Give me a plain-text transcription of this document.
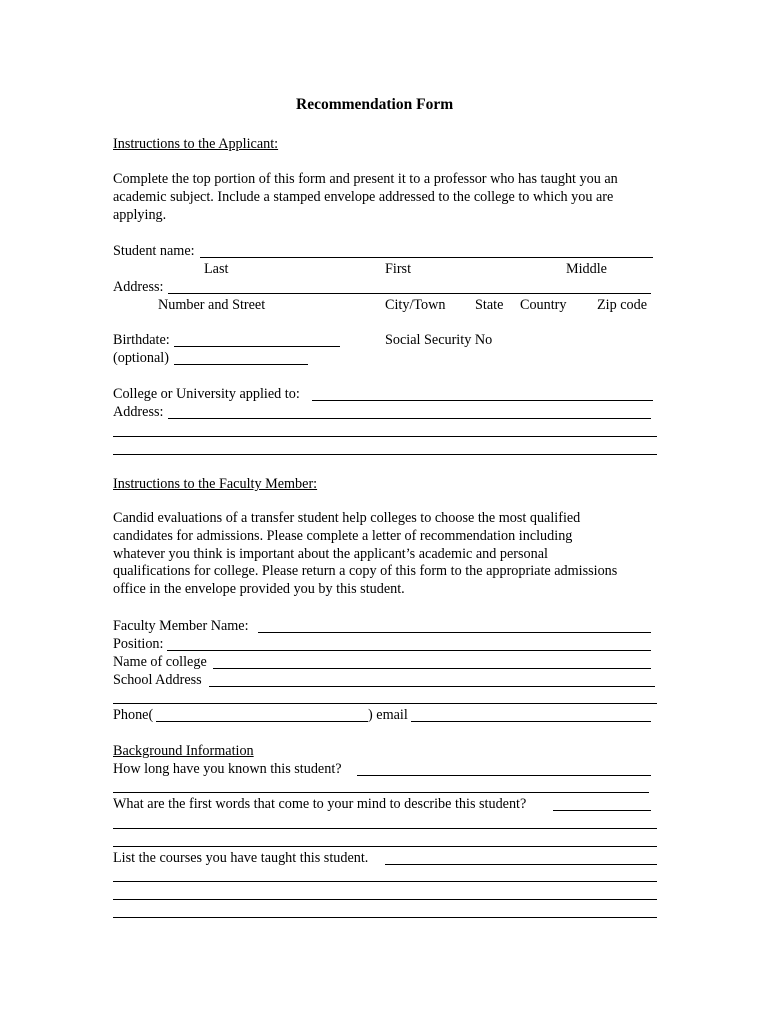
Recommendation Form
Instructions to the Applicant:
Complete the top portion of this form and present it to a professor who has taught you an
academic subject. Include a stamped envelope addressed to the college to which you are
applying.
Student name:
Last	First	Middle
Address:
Number and Street	City/Town State Country Zip code
Birthdate:	Social Security No
(optional)
College or University applied to:
Address:
Instructions to the Faculty Member:
Candid evaluations of a transfer student help colleges to choose the most qualified
candidates for admissions. Please complete a letter of recommendation including
whatever you think is important about the applicant’s academic and personal
qualifications for college. Please return a copy of this form to the appropriate admissions
office in the envelope provided you by this student.
Faculty Member Name:
Position:
Name of college
School Address
Phone(	) email
Background Information
How long have you known this student?
What are the first words that come to your mind to describe this student?
List the courses you have taught this student.
